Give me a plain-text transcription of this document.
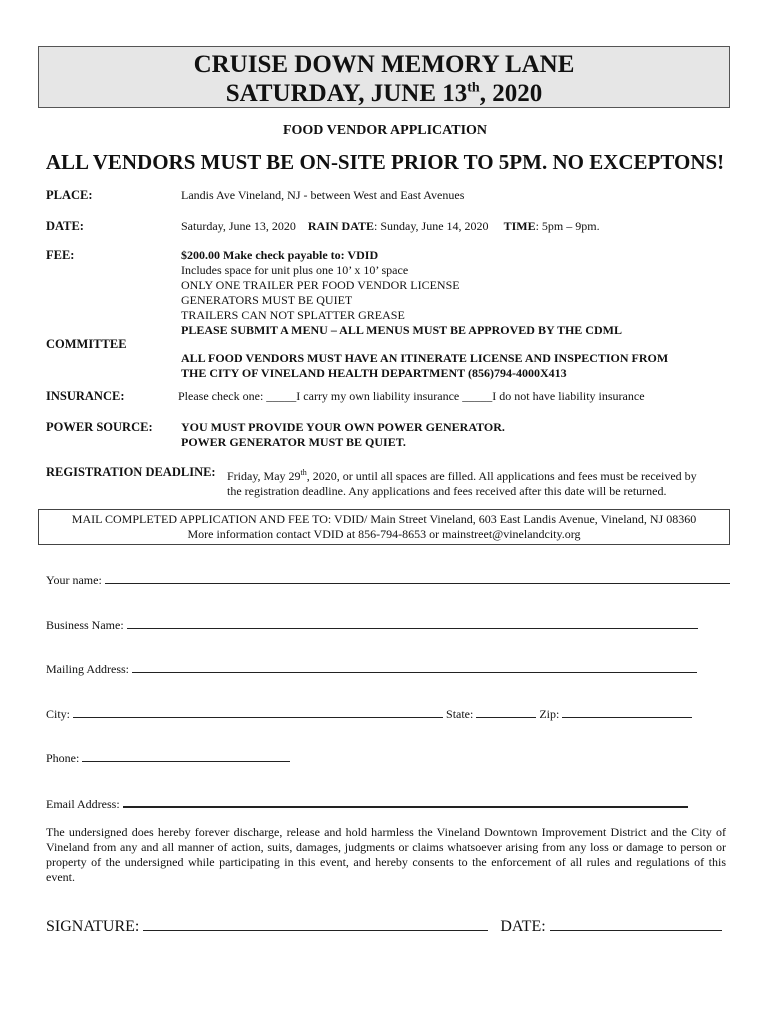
CRUISE DOWN MEMORY LANE
SATURDAY, JUNE 13th, 2020
FOOD VENDOR APPLICATION
ALL VENDORS MUST BE ON-SITE PRIOR TO 5PM. NO EXCEPTONS!
PLACE:	Landis Ave Vineland, NJ - between West and East Avenues
DATE:	Saturday, June 13, 2020 RAIN DATE: Sunday, June 14, 2020 TIME: 5pm – 9pm.
FEE:	$200.00 Make check payable to: VDID
Includes space for unit plus one 10’ x 10’ space
ONLY ONE TRAILER PER FOOD VENDOR LICENSE
GENERATORS MUST BE QUIET
TRAILERS CAN NOT SPLATTER GREASE
PLEASE SUBMIT A MENU – ALL MENUS MUST BE APPROVED BY THE CDML
COMMITTEE
ALL FOOD VENDORS MUST HAVE AN ITINERATE LICENSE AND INSPECTION FROM
THE CITY OF VINELAND HEALTH DEPARTMENT (856)794-4000X413
INSURANCE:	Please check one: _____I carry my own liability insurance _____I do not have liability insurance
POWER SOURCE: YOU MUST PROVIDE YOUR OWN POWER GENERATOR.
POWER GENERATOR MUST BE QUIET.
REGISTRATION DEADLINE: Friday, May 29th, 2020, or until all spaces are filled. All applications and fees must be received by
the registration deadline. Any applications and fees received after this date will be returned.
MAIL COMPLETED APPLICATION AND FEE TO: VDID/ Main Street Vineland, 603 East Landis Avenue, Vineland, NJ 08360
More information contact VDID at 856-794-8653 or mainstreet@vinelandcity.org
Your name:
Business Name:
Mailing Address:
City:	State:	Zip:
Phone:
Email Address:
The undersigned does hereby forever discharge, release and hold harmless the Vineland Downtown Improvement District and the City of Vineland from any and all manner of action, suits, damages, judgments or claims whatsoever arising from any loss or damage to person or property of the undersigned while participating in this event, and hereby consents to the enforcement of all rules and regulations of this event.
SIGNATURE:	DATE:
